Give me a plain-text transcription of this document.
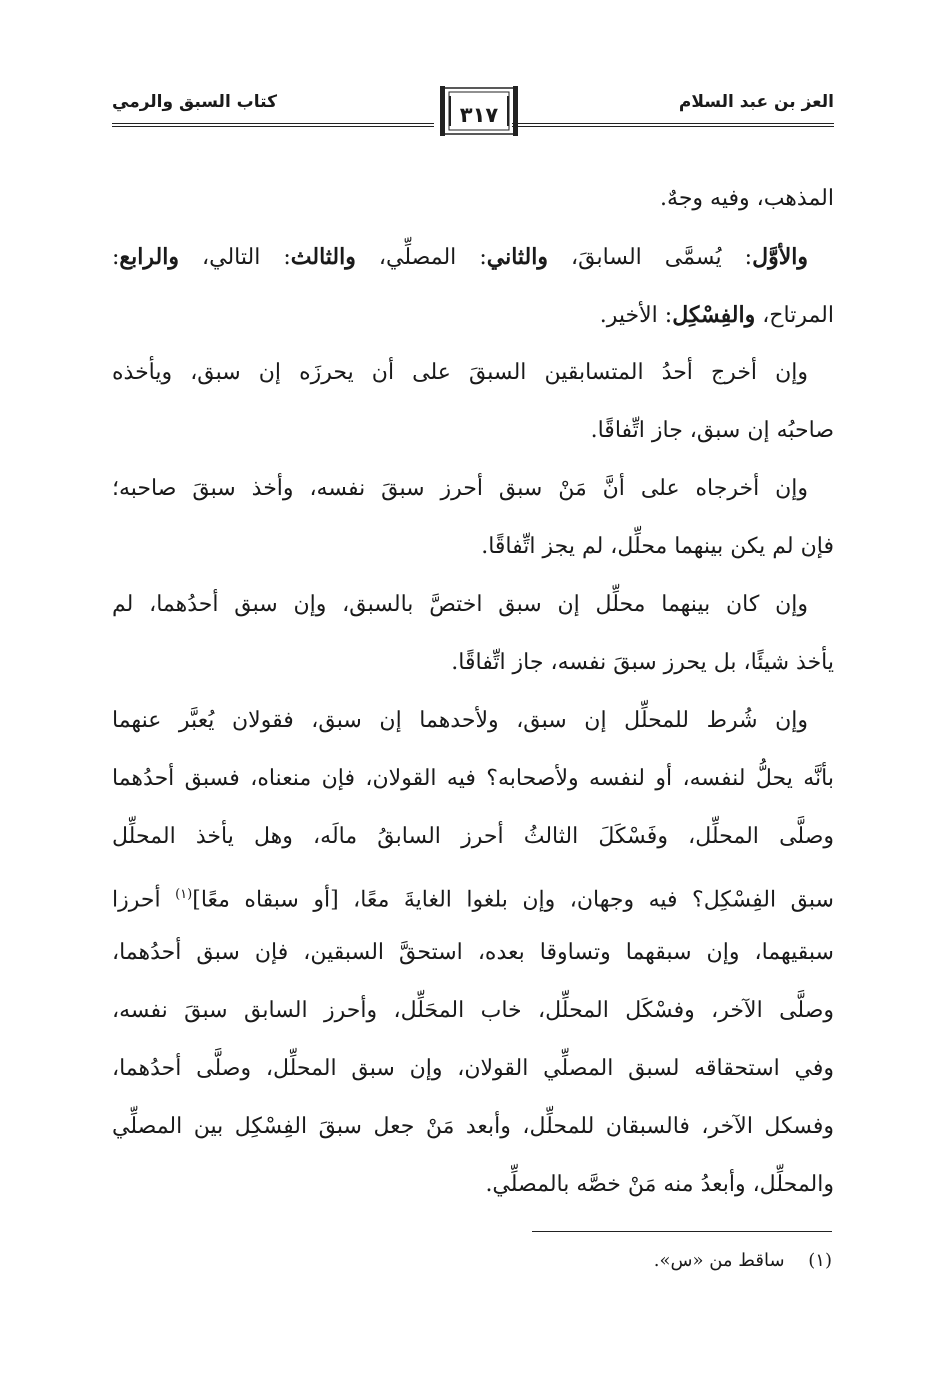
العز بن عبد السلام
كتاب السبق والرمي
٣١٧
المذهب، وفيه وجهٌ.
والأوَّل: يُسمَّى السابقَ، والثاني: المصلِّي، والثالث: التالي، والرابع:
المرتاح، والفِسْكِل: الأخير.
وإن أخرج أحدُ المتسابقين السبقَ على أن يحرزَه إن سبق، ويأخذه
صاحبُه إن سبق، جاز اتِّفاقًا.
وإن أخرجاه على أنَّ مَنْ سبق أحرز سبقَ نفسه، وأخذ سبقَ صاحبه؛
فإن لم يكن بينهما محلِّل، لم يجز اتِّفاقًا.
وإن كان بينهما محلِّل إن سبق اختصَّ بالسبق، وإن سبق أحدُهما، لم
يأخذ شيئًا، بل يحرز سبقَ نفسه، جاز اتِّفاقًا.
وإن شُرط للمحلِّل إن سبق، ولأحدهما إن سبق، فقولان يُعبَّر عنهما
بأنَّه يحلُّ لنفسه، أو لنفسه ولأصحابه؟ فيه القولان، فإن منعناه، فسبق أحدُهما
وصلَّى المحلِّل، وفَسْكَلَ الثالثُ أحرز السابقُ مالَه، وهل يأخذ المحلِّل
سبق الفِسْكِل؟ فيه وجهان، وإن بلغوا الغايةَ معًا، [أو سبقاه معًا]$^{(١)}$ أحرزا
سبقيهما، وإن سبقهما وتساوقا بعده، استحقَّ السبقين، فإن سبق أحدُهما،
وصلَّى الآخر، وفسْكَل المحلِّل، خاب المحَلِّل، وأحرز السابق سبقَ نفسه،
وفي استحقاقه لسبق المصلِّي القولان، وإن سبق المحلِّل، وصلَّى أحدُهما،
وفسكل الآخر، فالسبقان للمحلِّل، وأبعد مَنْ جعل سبقَ الفِسْكِل بين المصلِّي
والمحلِّل، وأبعدُ منه مَنْ خصَّه بالمصلِّي.
(١) ساقط من «س».
